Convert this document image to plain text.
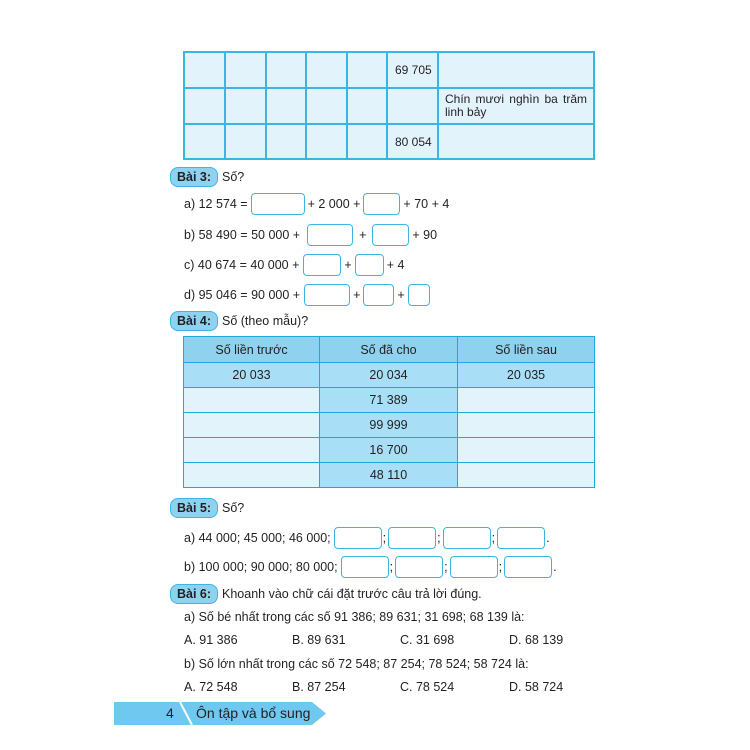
					69 705	
						Chín mươi nghìn ba trăm linh bảy
					80 054	
Bài 3: Số?
a) 12 574 =	+ 2 000 +	+ 70 + 4
b) 58 490 = 50 000 +	+	+ 90
c) 40 674 = 40 000 +	+	+ 4
d) 95 046 = 90 000 +	+	+
Bài 4: Số (theo mẫu)?
Số liền trước	Số đã cho	Số liền sau
20 033	20 034	20 035
	71 389	
	99 999	
	16 700	
	48 110	
Bài 5: Số?
a) 44 000; 45 000; 46 000;	;	;	;	.
b) 100 000; 90 000; 80 000;	;	;	;	.
Bài 6: Khoanh vào chữ cái đặt trước câu trả lời đúng.
a) Số bé nhất trong các số 91 386; 89 631; 31 698; 68 139 là:
A. 91 386	B. 89 631	C. 31 698	D. 68 139
b) Số lớn nhất trong các số 72 548; 87 254; 78 524; 58 724 là:
A. 72 548	B. 87 254	C. 78 524	D. 58 724
4 Ôn tập và bổ sung
